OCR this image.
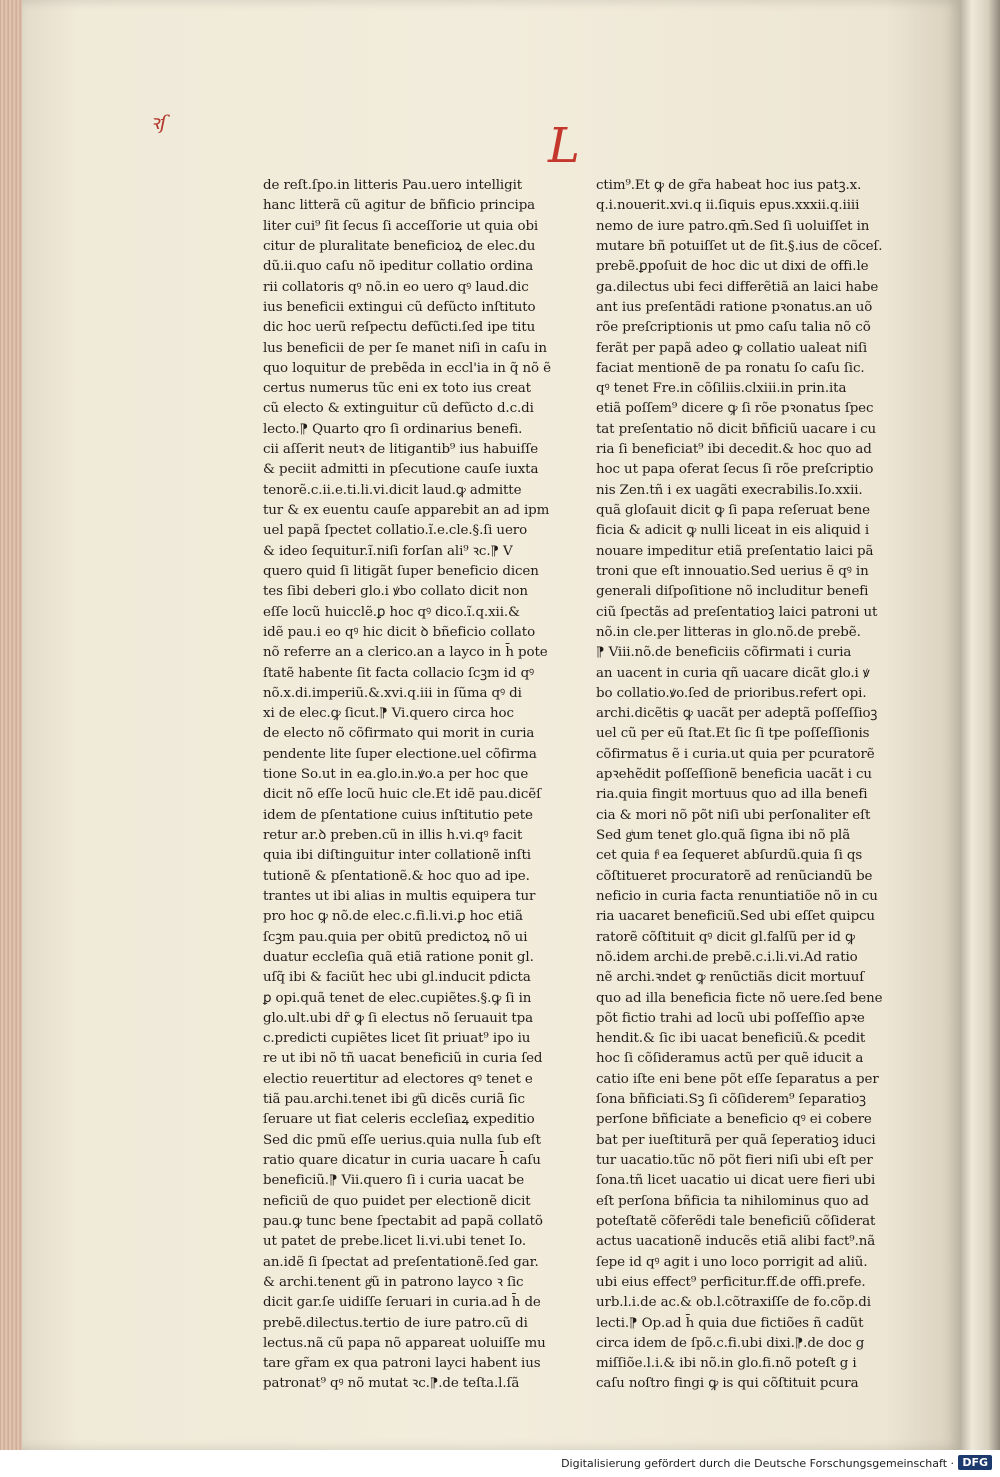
ꝛſ	L
de reſt.ſpo.in litteris Pau.uero intelligit
hanc litterã cũ agitur de bñficio principa
liter cui⁹ ſit ſecus ſi acceſſorie ut quia obi
citur de pluralitate beneficioꝝ de elec.du
dũ.ii.quo caſu nõ ipeditur collatio ordina
rii collatoris qꝰ nõ.in eo uero qꝰ laud.dic
ius beneficii extingui cũ defũcto inſtituto
dic hoc uerũ reſpectu defũcti.ſed ipe titu
lus beneficii de per ſe manet niſi in caſu in
quo loquitur de prebẽda in eccl'ia in q̃ nõ ẽ
certus numerus tũc eni ex toto ius creat
cũ electo & extinguitur cũ defũcto d.c.di
lecto.⁋ Quarto qro ſi ordinarius benefi.
cii aſſerit neutꝛ de litigantib⁹ ius habuiſſe
& peciit admitti in pſecutione cauſe iuxta
tenorẽ.c.ii.e.ti.li.vi.dicit laud.ꝙ admitte
tur & ex euentu cauſe apparebit an ad ipm
uel papã ſpectet collatio.ĩ.e.cle.§.ſi uero
& ideo ſequitur.ĩ.niſi forſan ali⁹ ꝛc.⁋ V
quero quid ſi litigãt ſuper beneficio dicen
tes ſibi deberi glo.i ꝟbo collato dicit non
eſſe locũ huicclẽ.ꝑ hoc qꝰ dico.ĩ.q.xii.&
idẽ pau.i eo qꝰ hic dicit ꝺ bñeficio collato
nõ referre an a clerico.an a layco in h̄ pote
ſtatẽ habente ſit facta collacio ſcꝫm id qꝰ
nõ.x.di.imperiũ.&.xvi.q.iii in ſũma qꝰ di
xi de elec.ꝙ ſicut.⁋ Vi.quero circa hoc
de electo nõ cõfirmato qui morit in curia
pendente lite ſuper electione.uel cõfirma
tione So.ut in ea.glo.in.ꝟo.a per hoc que
dicit nõ eſſe locũ huic cle.Et idẽ pau.dicẽſ
idem de pſentatione cuius inſtitutio pete
retur ar.ꝺ preben.cũ in illis h.vi.qꝰ facit
quia ibi diſtinguitur inter collationẽ inſti
tutionẽ & pſentationẽ.& hoc quo ad ipe.
trantes ut ibi alias in multis equipera tur
pro hoc ꝙ nõ.de elec.c.fi.li.vi.ꝑ hoc etiã
ſcꝫm pau.quia per obitũ predictoꝝ nõ ui
duatur eccleſia quã etiã ratione ponit gl.
uſq̃ ibi & faciũt hec ubi gl.inducit pdicta
ꝑ opi.quã tenet de elec.cupiẽtes.§.ꝙ ſi in
glo.ult.ubi dr̃ ꝙ ſi electus nõ ſeruauit tpa
c.predicti cupiẽtes licet ſit priuat⁹ ipo iu
re ut ibi nõ tñ uacat beneficiũ in curia ſed
electio reuertitur ad electores qꝰ tenet e
tiã pau.archi.tenet ibi gͥũ dicẽs curiã ſic
ſeruare ut fiat celeris eccleſiaꝝ expeditio
Sed dic pmũ eſſe uerius.quia nulla ſub eſt
ratio quare dicatur in curia uacare h̄ caſu
beneficiũ.⁋ Vii.quero ſi i curia uacat be
neficiũ de quo puidet per electionẽ dicit
pau.ꝙ tunc bene ſpectabit ad papã collatõ
ut patet de prebe.licet li.vi.ubi tenet Io.
an.idẽ ſi ſpectat ad preſentationẽ.ſed gar.
& archi.tenent gͥũ in patrono layco ꝛ ſic
dicit gar.ſe uidiſſe ſeruari in curia.ad h̄ de
prebẽ.dilectus.tertio de iure patro.cũ di
lectus.nã cũ papa nõ appareat uoluiſſe mu
tare gr̃am ex qua patroni layci habent ius
patronat⁹ qꝰ nõ mutat ꝛc.⁋.de teſta.l.ſã
ctim⁹.Et ꝙ de gr̃a habeat hoc ius patꝫ.x.
q.i.nouerit.xvi.q ii.ſiquis epus.xxxii.q.iiii
nemo de iure patro.qm̄.Sed ſi uoluiſſet in
mutare bñ potuiſſet ut de ſit.§.ius de cõceſ.
prebẽ.ꝑpoſuit de hoc dic ut dixi de offi.le
ga.dilectus ubi feci differẽtiã an laici habe
ant ius preſentãdi ratione pꝛonatus.an uõ
rõe preſcriptionis ut pmo caſu talia nõ cõ
ferãt per papã adeo ꝙ collatio ualeat niſi
faciat mentionẽ de pa ronatu ſo caſu ſic.
qꝰ tenet Fre.in cõſiliis.clxiii.in prin.ita
etiã poſſem⁹ dicere ꝙ ſi rõe pꝛonatus ſpec
tat preſentatio nõ dicit bñficiũ uacare i cu
ria ſi beneficiat⁹ ibi decedit.& hoc quo ad
hoc ut papa oferat ſecus ſi rõe preſcriptio
nis Zen.tñ i ex uagãti execrabilis.Io.xxii.
quã gloſauit dicit ꝙ ſi papa reſeruat bene
ficia & adicit ꝙ nulli liceat in eis aliquid i
nouare impeditur etiã preſentatio laici pã
troni que eſt innouatio.Sed uerius ẽ qꝰ in
generali diſpoſitione nõ includitur benefi
ciũ ſpectãs ad preſentatioꝫ laici patroni ut
nõ.in cle.per litteras in glo.nõ.de prebẽ.
⁋ Viii.nõ.de beneficiis cõfirmati i curia
an uacent in curia qñ uacare dicãt glo.i ꝟ
bo collatio.ꝟo.ſed de prioribus.refert opi.
archi.dicẽtis ꝙ uacãt per adeptã poſſeſſioꝫ
uel cũ per eũ ſtat.Et ſic ſi tpe poſſeſſionis
cõfirmatus ẽ i curia.ut quia per pcuratorẽ
apꝛehẽdit poſſeſſionẽ beneficia uacãt i cu
ria.quia fingit mortuus quo ad illa benefi
cia & mori nõ põt niſi ubi perſonaliter eſt
Sed gͥum tenet glo.quã ſigna ibi nõ plã
cet quia fͥ ea ſequeret abſurdũ.quia ſi qs
cõſtitueret procuratorẽ ad renũciandũ be
neficio in curia facta renuntiatiõe nõ in cu
ria uacaret beneficiũ.Sed ubi eſſet quipcu
ratorẽ cõſtituit qꝰ dicit gl.falſũ per id ꝙ
nõ.idem archi.de prebẽ.c.i.li.vi.Ad ratio
nẽ archi.ꝛndet ꝙ renũctiãs dicit mortuuſ
quo ad illa beneficia ficte nõ uere.ſed bene
põt fictio trahi ad locũ ubi poſſeſſio apꝛe
hendit.& ſic ibi uacat beneficiũ.& pcedit
hoc ſi cõſideramus actũ per quẽ iducit a
catio iſte eni bene põt eſſe ſeparatus a per
ſona bñficiati.Sꝫ ſi cõſiderem⁹ ſeparatioꝫ
perſone bñficiate a beneficio qꝰ ei cobere
bat per iueſtiturã per quã ſeperatioꝫ iduci
tur uacatio.tũc nõ põt fieri niſi ubi eſt per
ſona.tñ licet uacatio ui dicat uere fieri ubi
eſt perſona bñficia ta nihilominus quo ad
poteſtatẽ cõferẽdi tale beneficiũ cõſiderat
actus uacationẽ inducẽs etiã alibi fact⁹.nã
ſepe id qꝰ agit i uno loco porrigit ad aliũ.
ubi eius effect⁹ perficitur.ff.de offi.prefe.
urb.l.i.de ac.& ob.l.cõtraxiſſe de fo.cõp.di
lecti.⁋ Op.ad h̄ quia due fictiões ñ cadũt
circa idem de ſpõ.c.fi.ubi dixi.⁋.de doc g
miſſiõe.l.i.& ibi nõ.in glo.fi.nõ poteſt g i
caſu noſtro fingi ꝙ is qui cõſtituit pcura
Digitalisierung gefördert durch die Deutsche Forschungsgemeinschaft · DFG
